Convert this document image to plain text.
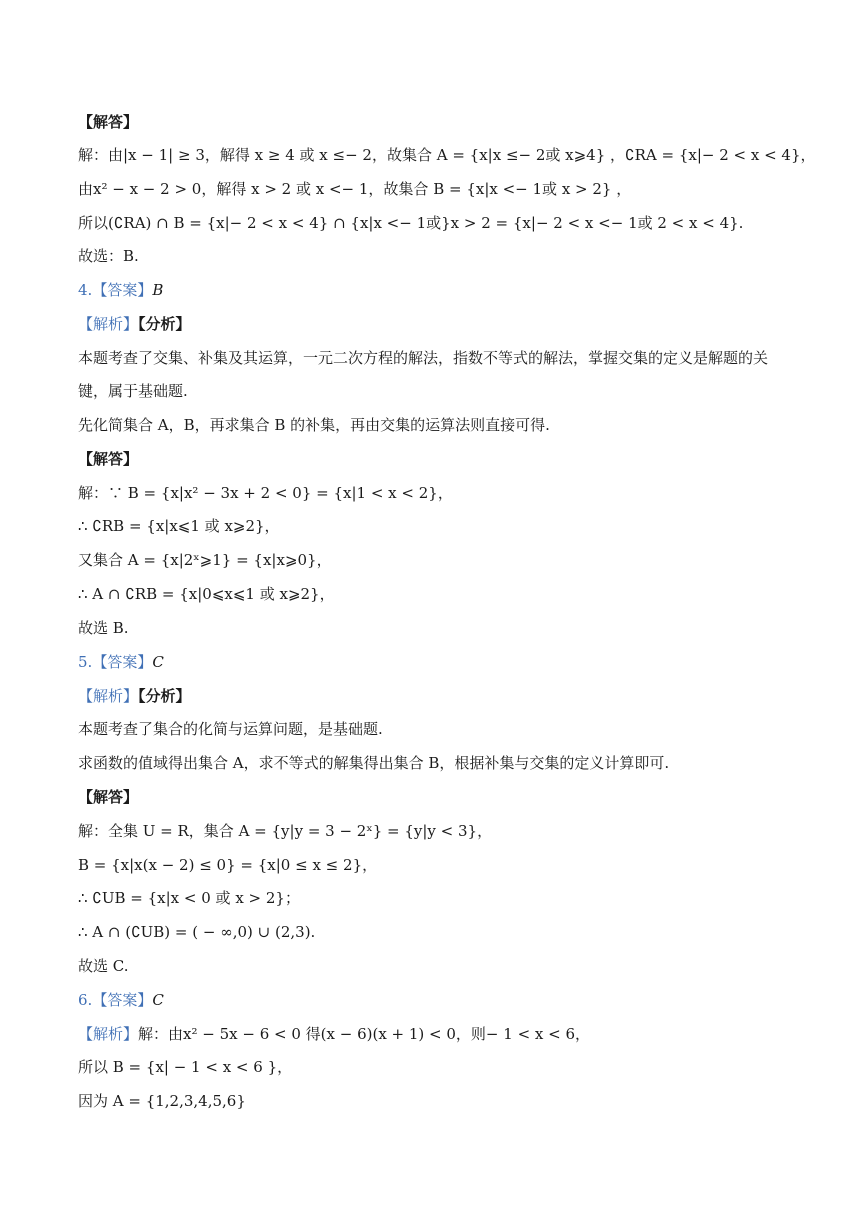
【解答】
解：由|x − 1| ≥ 3，解得 x ≥ 4 或 x ≤− 2，故集合 A = {x|x ≤− 2或 x⩾4} ，∁RA = {x|− 2 < x < 4}，
由x² − x − 2 > 0，解得 x > 2 或 x <− 1，故集合 B = {x|x <− 1或 x > 2} ，
所以(∁RA) ∩ B = {x|− 2 < x < 4} ∩ {x|x <− 1或}x > 2 = {x|− 2 < x <− 1或 2 < x < 4}.
故选：B.
4.【答案】B
【解析】【分析】
本题考查了交集、补集及其运算，一元二次方程的解法，指数不等式的解法，掌握交集的定义是解题的关
键，属于基础题.
先化简集合 A，B，再求集合 B 的补集，再由交集的运算法则直接可得.
【解答】
解：∵ B = {x|x² − 3x + 2 < 0} = {x|1 < x < 2}，
∴ ∁RB = {x|x⩽1 或 x⩾2}，
又集合 A = {x|2ˣ⩾1} = {x|x⩾0}，
∴ A ∩ ∁RB = {x|0⩽x⩽1 或 x⩾2}，
故选 B.
5.【答案】C
【解析】【分析】
本题考查了集合的化简与运算问题，是基础题.
求函数的值域得出集合 A，求不等式的解集得出集合 B，根据补集与交集的定义计算即可.
【解答】
解：全集 U = R，集合 A = {y|y = 3 − 2ˣ} = {y|y < 3}，
B = {x|x(x − 2) ≤ 0} = {x|0 ≤ x ≤ 2}，
∴ ∁UB = {x|x < 0 或 x > 2}；
∴ A ∩ (∁UB) = ( − ∞,0) ∪ (2,3).
故选 C.
6.【答案】C
【解析】解：由x² − 5x − 6 < 0 得(x − 6)(x + 1) < 0，则− 1 < x < 6，
所以 B = {x| − 1 < x < 6 }，
因为 A = {1,2,3,4,5,6}
